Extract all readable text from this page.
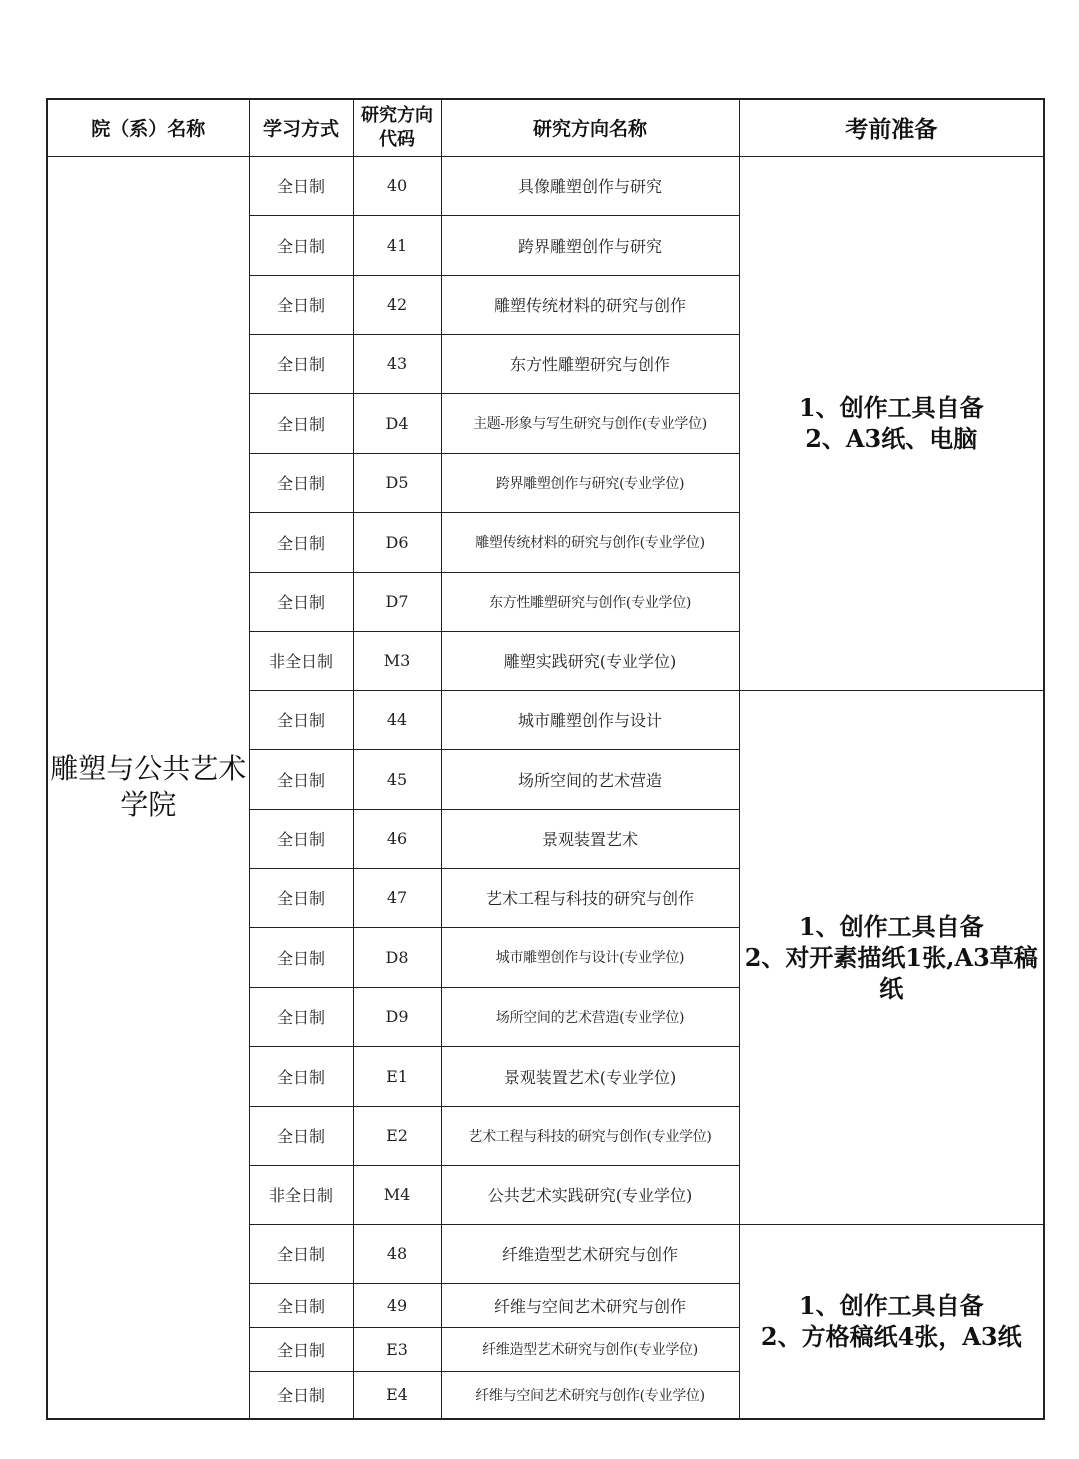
院（系）名称	学习方式	研究方向代码	研究方向名称	考前准备
雕塑与公共艺术学院	全日制	40	具像雕塑创作与研究	1、创作工具自备
2、A3纸、电脑

	全日制	41	跨界雕塑创作与研究	
	全日制	42	雕塑传统材料的研究与创作	
	全日制	43	东方性雕塑研究与创作	
	全日制	D4	主题-形象与写生研究与创作(专业学位)	
	全日制	D5	跨界雕塑创作与研究(专业学位)	
	全日制	D6	雕塑传统材料的研究与创作(专业学位)	
	全日制	D7	东方性雕塑研究与创作(专业学位)	
	非全日制	M3	雕塑实践研究(专业学位)	
	全日制	44	城市雕塑创作与设计	1、创作工具自备
2、对开素描纸1张,A3草稿纸

	全日制	45	场所空间的艺术营造	
	全日制	46	景观装置艺术	
	全日制	47	艺术工程与科技的研究与创作	
	全日制	D8	城市雕塑创作与设计(专业学位)	
	全日制	D9	场所空间的艺术营造(专业学位)	
	全日制	E1	景观装置艺术(专业学位)	
	全日制	E2	艺术工程与科技的研究与创作(专业学位)	
	非全日制	M4	公共艺术实践研究(专业学位)	
	全日制	48	纤维造型艺术研究与创作	1、创作工具自备
2、方格稿纸4张，A3纸

	全日制	49	纤维与空间艺术研究与创作	
	全日制	E3	纤维造型艺术研究与创作(专业学位)	
	全日制	E4	纤维与空间艺术研究与创作(专业学位)	
